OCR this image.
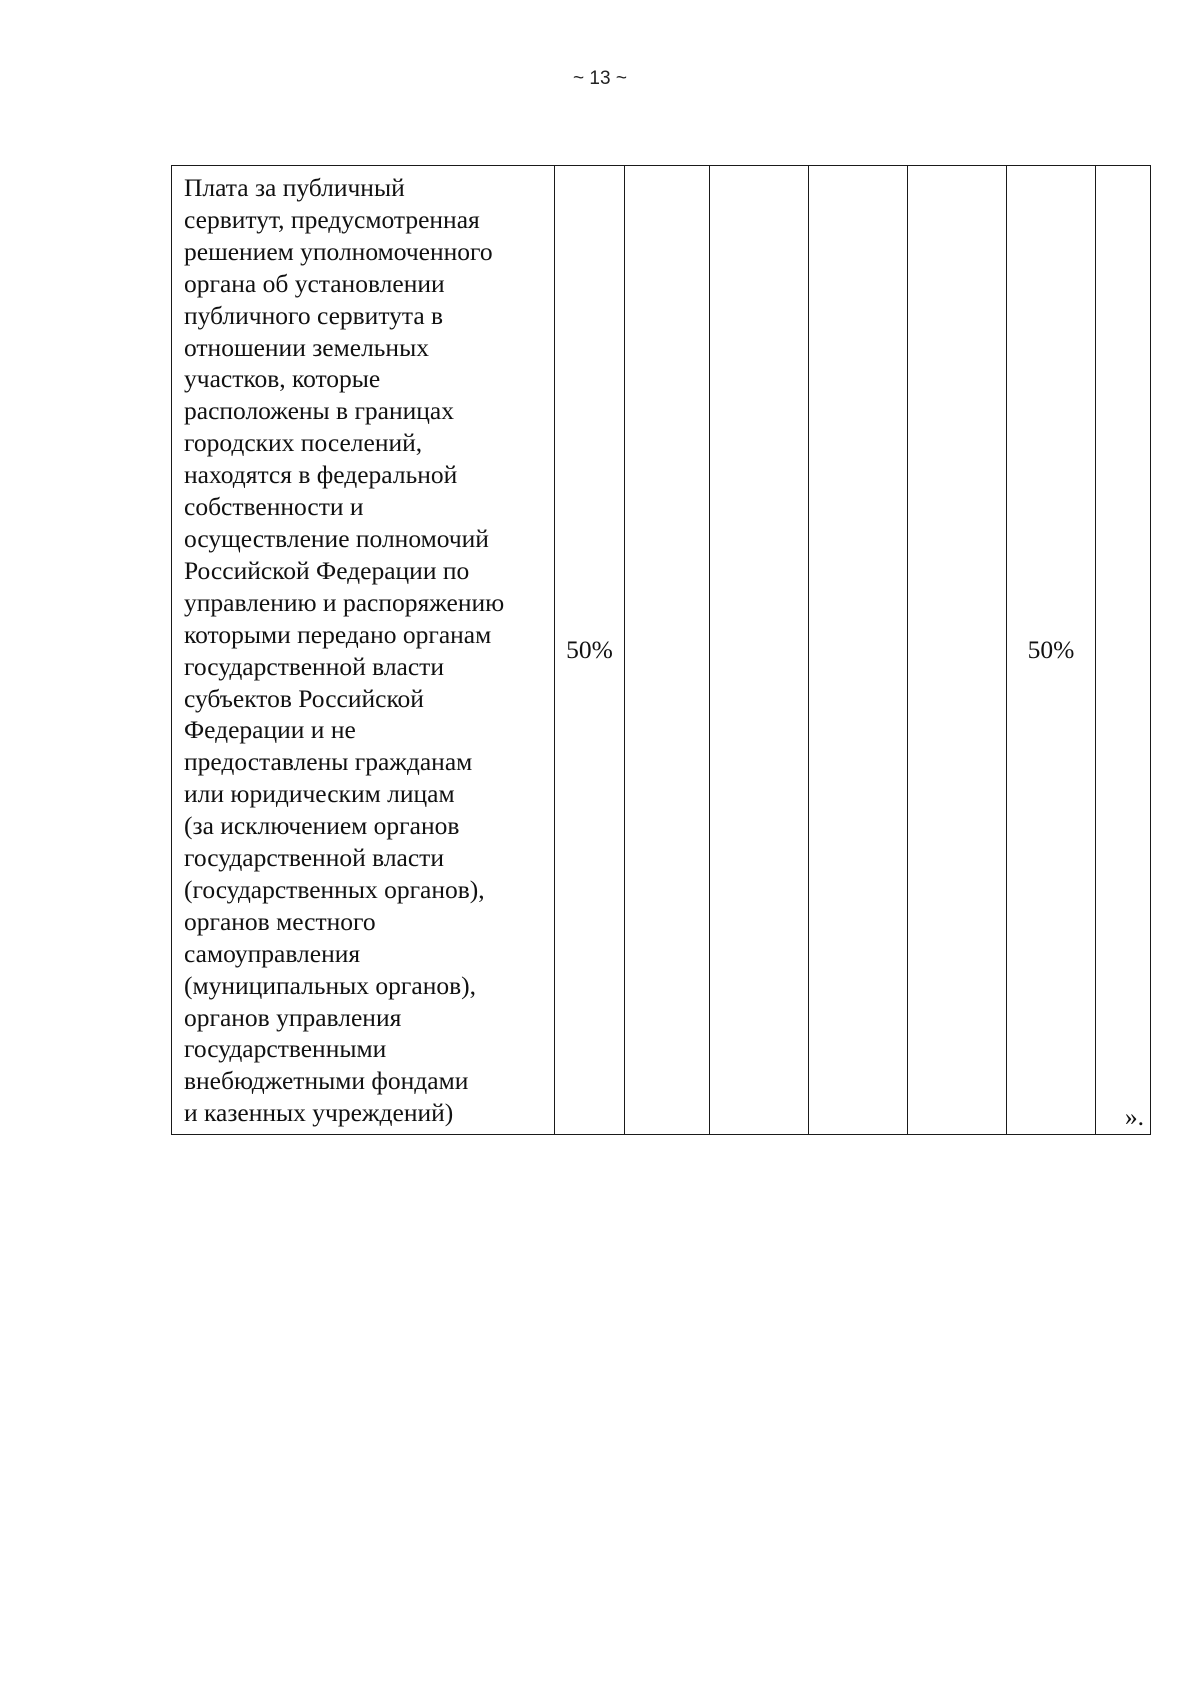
~ 13 ~
Плата за публичный
сервитут, предусмотренная
решением уполномоченного
органа об установлении
публичного сервитута в
отношении земельных
участков, которые
расположены в границах
городских поселений,
находятся в федеральной
собственности и
осуществление полномочий
Российской Федерации по
управлению и распоряжению
которыми передано органам
государственной власти
субъектов Российской
Федерации и не
предоставлены гражданам
или юридическим лицам
(за исключением органов
государственной власти
(государственных органов),
органов местного
самоуправления
(муниципальных органов),
органов управления
государственными
внебюджетными фондами
и казенных учреждений)	50%					50%	».
